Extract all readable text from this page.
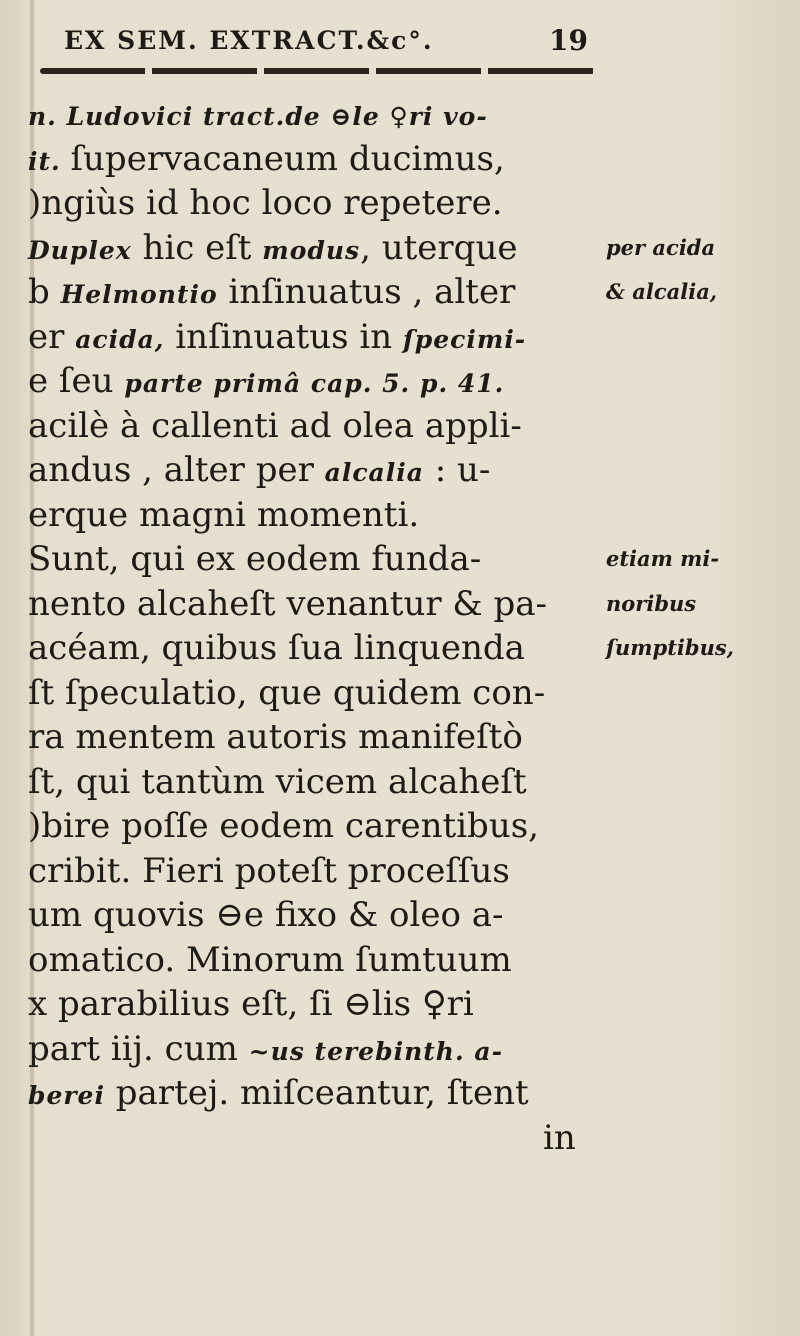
EX SEM. EXTRACT.&c°.	19
n. Ludovici tract.de ⊖le ♀ri vo-
it. ſupervacaneum ducimus,
)ngiùs id hoc loco repetere.
Duplex hic eſt modus, uterque
b Helmontio inſinuatus , alter
er acida, inſinuatus in ſpecimi-
e ſeu parte primâ cap. 5. p. 41.
acilè à callenti ad olea appli-
andus , alter per alcalia : u-
erque magni momenti.
Sunt, qui ex eodem funda-
nento alcaheſt venantur & pa-
acéam, quibus ſua linquenda
ſt ſpeculatio, que quidem con-
ra mentem autoris manifeſtò
ſt, qui tantùm vicem alcaheſt
)bire poſſe eodem carentibus,
cribit. Fieri poteſt proceſſus
um quovis ⊖e fixo & oleo a-
omatico. Minorum ſumtuum
x parabilius eſt, ſi ⊖lis ♀ri
part iij. cum ~us terebinth. a-
berei partej. miſceantur, ſtent
in
per acida
& alcalia,
etiam mi-
noribus
ſumptibus,
